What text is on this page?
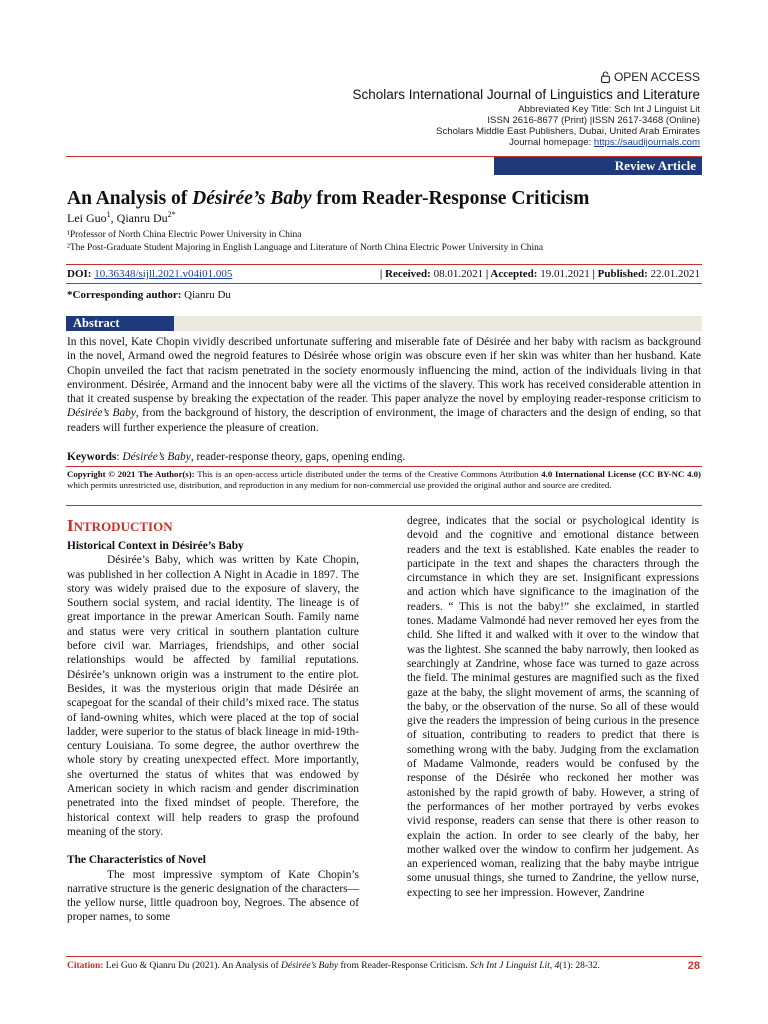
OPEN ACCESS
Scholars International Journal of Linguistics and Literature
Abbreviated Key Title: Sch Int J Linguist Lit
ISSN 2616-8677 (Print) |ISSN 2617-3468 (Online)
Scholars Middle East Publishers, Dubai, United Arab Emirates
Journal homepage: https://saudijournals.com
Review Article
An Analysis of Désirée’s Baby from Reader-Response Criticism
Lei Guo$^1$, Qianru $Du^{2*}$
¹Professor of North China Electric Power University in China
²The Post-Graduate Student Majoring in English Language and Literature of North China Electric Power University in China
DOI: 10.36348/sijll.2021.v04i01.005	| Received: 08.01.2021 | Accepted: 19.01.2021 | Published: 22.01.2021
*Corresponding author: Qianru Du
Abstract
In this novel, Kate Chopin vividly described unfortunate suffering and miserable fate of Désirée and her baby with racism as background in the novel, Armand owed the negroid features to Désirée whose origin was obscure even if her skin was whiter than her husband. Kate Chopin unveiled the fact that racism penetrated in the society enormously influencing the mind, action of the individuals living in that environment. Désirée, Armand and the innocent baby were all the victims of the slavery. This work has received considerable attention in that it created suspense by breaking the expectation of the reader. This paper analyze the novel by employing reader-response criticism to Désirée’s Baby, from the background of history, the description of environment, the image of characters and the design of ending, so that readers will further experience the pleasure of creation.
Keywords: Désirée’s Baby, reader-response theory, gaps, opening ending.
Copyright © 2021 The Author(s): This is an open-access article distributed under the terms of the Creative Commons Attribution 4.0 International License (CC BY-NC 4.0) which permits unrestricted use, distribution, and reproduction in any medium for non-commercial use provided the original author and source are credited.
INTRODUCTION

Historical Context in Désirée’s Baby

Désirée’s Baby, which was written by Kate Chopin, was published in her collection A Night in Acadie in 1897. The story was widely praised due to the exposure of slavery, the Southern social system, and racial identity. The lineage is of great importance in the prewar American South. Family name and status were very critical in southern plantation culture before civil war. Marriages, friendships, and other social relationships would be affected by familial reputations. Désirée’s unknown origin was a instrument to the entire plot. Besides, it was the mysterious origin that made Désirée an scapegoat for the scandal of their child’s mixed race. The status of land-owning whites, which were placed at the top of social ladder, were superior to the status of black lineage in mid-19th-century Louisiana. To some degree, the author overthrew the whole story by creating unexpected effect. More importantly, she overturned the status of whites that was endowed by American society in which racism and gender discrimination penetrated into the fixed mindset of people. Therefore, the historical context will help readers to grasp the profound meaning of the story.

The Characteristics of Novel

The most impressive symptom of Kate Chopin’s narrative structure is the generic designation of the characters—the yellow nurse, little quadroon boy, Negroes. The absence of proper names, to some

degree, indicates that the social or psychological identity is devoid and the cognitive and emotional distance between readers and the text is established. Kate enables the reader to participate in the text and shapes the characters through the circumstance in which they are set. Insignificant expressions and action which have significance to the imagination of the readers. “ This is not the baby!” she exclaimed, in startled tones. Madame Valmondé had never removed her eyes from the child. She lifted it and walked with it over to the window that was the lightest. She scanned the baby narrowly, then looked as searchingly at Zandrine, whose face was turned to gaze across the field. The minimal gestures are magnified such as the fixed gaze at the baby, the slight movement of arms, the scanning of the baby, or the observation of the nurse. So all of these would give the readers the impression of being curious in the presence of situation, contributing to readers to predict that there is something wrong with the baby. Judging from the exclamation of Madame Valmonde, readers would be confused by the response of the Désirée who reckoned her mother was astonished by the rapid growth of baby. However, a string of the performances of her mother portrayed by verbs evokes vivid response, readers can sense that there is other reason to explain the action. In order to see clearly of the baby, her mother walked over the window to confirm her judgement. As an experienced woman, realizing that the baby maybe intrigue some unusual things, she turned to Zandrine, the yellow nurse, expecting to see her impression. However, Zandrine

Citation: Lei Guo & Qianru Du (2021). An Analysis of Désirée’s Baby from Reader-Response Criticism. Sch Int J Linguist Lit, 4(1): 28-32.	28
